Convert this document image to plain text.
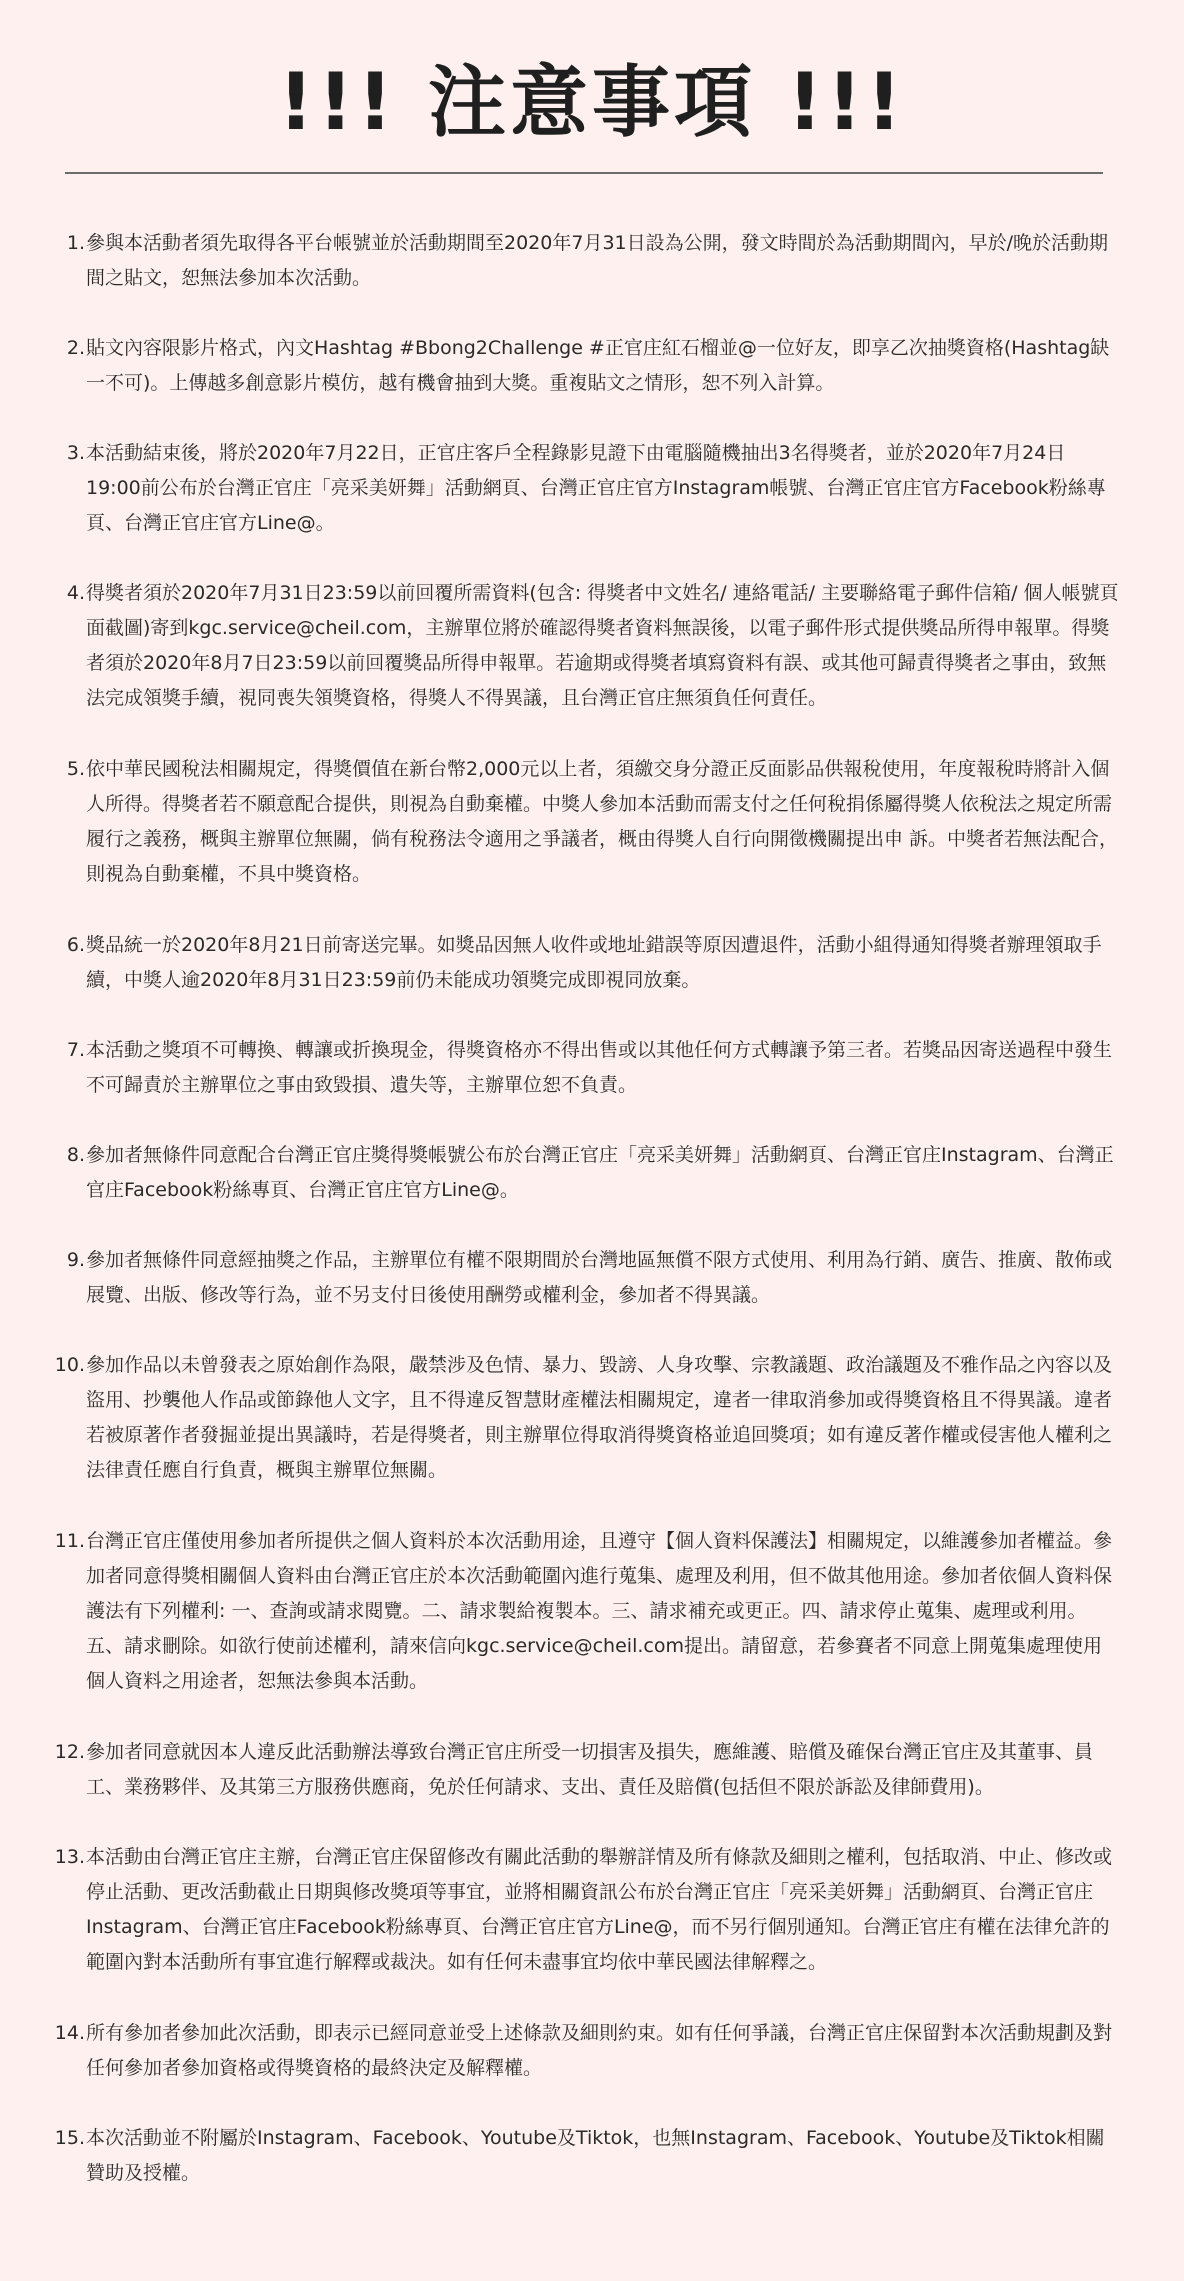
!!! 注意事項 !!!
1. 參與本活動者須先取得各平台帳號並於活動期間至2020年7月31日設為公開，發文時間於為活動期間內，早於/晚於活動期間之貼文，恕無法參加本次活動。
2. 貼文內容限影片格式，內文Hashtag #Bbong2Challenge #正官庄紅石榴並@一位好友，即享乙次抽獎資格(Hashtag缺一不可)。上傳越多創意影片模仿，越有機會抽到大獎。重複貼文之情形，恕不列入計算。
3. 本活動結束後，將於2020年7月22日，正官庄客戶全程錄影見證下由電腦隨機抽出3名得獎者，並於2020年7月24日19:00前公布於台灣正官庄「亮采美妍舞」活動網頁、台灣正官庄官方Instagram帳號、台灣正官庄官方Facebook粉絲專頁、台灣正官庄官方Line@。
4. 得獎者須於2020年7月31日23:59以前回覆所需資料(包含: 得獎者中文姓名/ 連絡電話/ 主要聯絡電子郵件信箱/ 個人帳號頁面截圖)寄到kgc.service@cheil.com，主辦單位將於確認得獎者資料無誤後，以電子郵件形式提供獎品所得申報單。得獎者須於2020年8月7日23:59以前回覆獎品所得申報單。若逾期或得獎者填寫資料有誤、或其他可歸責得獎者之事由，致無法完成領獎手續，視同喪失領獎資格，得獎人不得異議，且台灣正官庄無須負任何責任。
5. 依中華民國稅法相關規定，得獎價值在新台幣2,000元以上者，須繳交身分證正反面影品供報稅使用，年度報稅時將計入個人所得。得獎者若不願意配合提供，則視為自動棄權。中獎人參加本活動而需支付之任何稅捐係屬得獎人依稅法之規定所需履行之義務，概與主辦單位無關，倘有稅務法令適用之爭議者，概由得獎人自行向開徵機關提出申 訴。中獎者若無法配合，則視為自動棄權，不具中獎資格。
6. 獎品統一於2020年8月21日前寄送完畢。如獎品因無人收件或地址錯誤等原因遭退件，活動小組得通知得獎者辦理領取手續，中獎人逾2020年8月31日23:59前仍未能成功領獎完成即視同放棄。
7. 本活動之獎項不可轉換、轉讓或折換現金，得獎資格亦不得出售或以其他任何方式轉讓予第三者。若獎品因寄送過程中發生不可歸責於主辦單位之事由致毀損、遺失等，主辦單位恕不負責。
8. 參加者無條件同意配合台灣正官庄獎得獎帳號公布於台灣正官庄「亮采美妍舞」活動網頁、台灣正官庄Instagram、台灣正官庄Facebook粉絲專頁、台灣正官庄官方Line@。
9. 參加者無條件同意經抽獎之作品，主辦單位有權不限期間於台灣地區無償不限方式使用、利用為行銷、廣告、推廣、散佈或展覽、出版、修改等行為，並不另支付日後使用酬勞或權利金，參加者不得異議。
10. 參加作品以未曾發表之原始創作為限，嚴禁涉及色情、暴力、毀謗、人身攻擊、宗教議題、政治議題及不雅作品之內容以及盜用、抄襲他人作品或節錄他人文字，且不得違反智慧財產權法相關規定，違者一律取消參加或得獎資格且不得異議。違者若被原著作者發掘並提出異議時，若是得獎者，則主辦單位得取消得獎資格並追回獎項；如有違反著作權或侵害他人權利之法律責任應自行負責，概與主辦單位無關。
11. 台灣正官庄僅使用參加者所提供之個人資料於本次活動用途，且遵守【個人資料保護法】相關規定，以維護參加者權益。參加者同意得獎相關個人資料由台灣正官庄於本次活動範圍內進行蒐集、處理及利用，但不做其他用途。參加者依個人資料保護法有下列權利: 一、查詢或請求閱覽。二、請求製給複製本。三、請求補充或更正。四、請求停止蒐集、處理或利用。五、請求刪除。如欲行使前述權利，請來信向kgc.service@cheil.com提出。請留意，若參賽者不同意上開蒐集處理使用個人資料之用途者，恕無法參與本活動。
12. 參加者同意就因本人違反此活動辦法導致台灣正官庄所受一切損害及損失，應維護、賠償及確保台灣正官庄及其董事、員工、業務夥伴、及其第三方服務供應商，免於任何請求、支出、責任及賠償(包括但不限於訴訟及律師費用)。
13. 本活動由台灣正官庄主辦，台灣正官庄保留修改有關此活動的舉辦詳情及所有條款及細則之權利，包括取消、中止、修改或停止活動、更改活動截止日期與修改獎項等事宜，並將相關資訊公布於台灣正官庄「亮采美妍舞」活動網頁、台灣正官庄Instagram、台灣正官庄Facebook粉絲專頁、台灣正官庄官方Line@，而不另行個別通知。台灣正官庄有權在法律允許的範圍內對本活動所有事宜進行解釋或裁決。如有任何未盡事宜均依中華民國法律解釋之。
14. 所有參加者參加此次活動，即表示已經同意並受上述條款及細則約束。如有任何爭議，台灣正官庄保留對本次活動規劃及對任何參加者參加資格或得獎資格的最終決定及解釋權。
15. 本次活動並不附屬於Instagram、Facebook、Youtube及Tiktok，也無Instagram、Facebook、Youtube及Tiktok相關贊助及授權。
